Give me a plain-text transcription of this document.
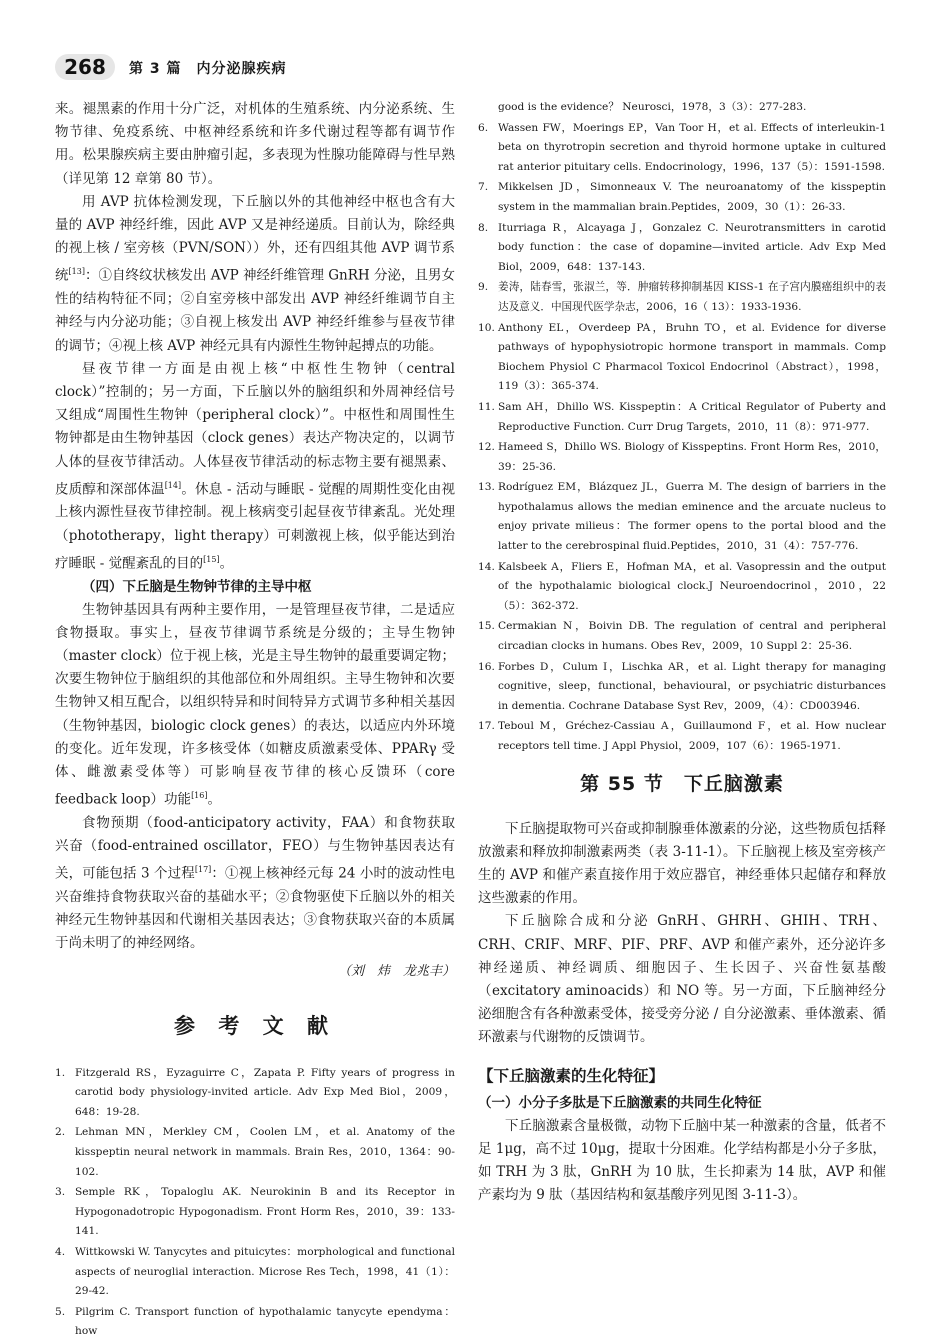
268	第 3 篇　内分泌腺疾病

来。褪黑素的作用十分广泛，对机体的生殖系统、内分泌系统、生物节律、免疫系统、中枢神经系统和许多代谢过程等都有调节作用。松果腺疾病主要由肿瘤引起，多表现为性腺功能障碍与性早熟（详见第 12 章第 80 节）。

用 AVP 抗体检测发现，下丘脑以外的其他神经中枢也含有大量的 AVP 神经纤维，因此 AVP 又是神经递质。目前认为，除经典的视上核 / 室旁核（PVN/SON））外，还有四组其他 AVP 调节系统[13]：①自终纹状核发出 AVP 神经纤维管理 GnRH 分泌，且男女性的结构特征不同；②自室旁核中部发出 AVP 神经纤维调节自主神经与内分泌功能；③自视上核发出 AVP 神经纤维参与昼夜节律的调节；④视上核 AVP 神经元具有内源性生物钟起搏点的功能。

昼夜节律一方面是由视上核“中枢性生物钟（central clock）”控制的；另一方面，下丘脑以外的脑组织和外周神经信号又组成“周围性生物钟（peripheral clock）”。中枢性和周围性生物钟都是由生物钟基因（clock genes）表达产物决定的，以调节人体的昼夜节律活动。人体昼夜节律活动的标志物主要有褪黑素、皮质醇和深部体温[14]。休息 - 活动与睡眠 - 觉醒的周期性变化由视上核内源性昼夜节律控制。视上核病变引起昼夜节律紊乱。光处理（phototherapy，light therapy）可刺激视上核，似乎能达到治疗睡眠 - 觉醒紊乱的目的[15]。

（四）下丘脑是生物钟节律的主导中枢

生物钟基因具有两种主要作用，一是管理昼夜节律，二是适应食物摄取。事实上，昼夜节律调节系统是分级的；主导生物钟（master clock）位于视上核，光是主导生物钟的最重要调定物；次要生物钟位于脑组织的其他部位和外周组织。主导生物钟和次要生物钟又相互配合，以组织特异和时间特异方式调节多种相关基因（生物钟基因，biologic clock genes）的表达，以适应内外环境的变化。近年发现，许多核受体（如糖皮质激素受体、PPARγ 受体、雌激素受体等）可影响昼夜节律的核心反馈环（core feedback loop）功能[16]。

食物预期（food-anticipatory activity，FAA）和食物获取兴奋（food-entrained oscillator，FEO）与生物钟基因表达有关，可能包括 3 个过程[17]：①视上核神经元每 24 小时的波动性电兴奋维持食物获取兴奋的基础水平；②食物驱使下丘脑以外的相关神经元生物钟基因和代谢相关基因表达；③食物获取兴奋的本质属于尚未明了的神经网络。

（刘　炜　龙兆丰）

参 考 文 献
1. Fitzgerald RS，Eyzaguirre C，Zapata P. Fifty years of progress in carotid body physiology-invited article. Adv Exp Med Biol，2009，648：19-28.
2. Lehman MN，Merkley CM，Coolen LM，et al. Anatomy of the kisspeptin neural network in mammals. Brain Res，2010，1364：90-102.
3. Semple RK，Topaloglu AK. Neurokinin B and its Receptor in Hypogonadotropic Hypogonadism. Front Horm Res，2010，39：133-141.
4. Wittkowski W. Tanycytes and pituicytes：morphological and functional aspects of neuroglial interaction. Microse Res Tech，1998，41（1）：29-42.
5. Pilgrim C. Transport function of hypothalamic tanycyte ependyma：how
good is the evidence？ Neurosci，1978，3（3）：277-283.
6. Wassen FW，Moerings EP，Van Toor H，et al. Effects of interleukin-1 beta on thyrotropin secretion and thyroid hormone uptake in cultured rat anterior pituitary cells. Endocrinology，1996，137（5）：1591-1598.
7. Mikkelsen JD，Simonneaux V. The neuroanatomy of the kisspeptin system in the mammalian brain.Peptides，2009，30（1）：26-33.
8. Iturriaga R，Alcayaga J，Gonzalez C. Neurotransmitters in carotid body function：the case of dopamine—invited article. Adv Exp Med Biol，2009，648：137-143.
9. 姜涛，陆春雪，张淑兰，等．肿瘤转移抑制基因 KISS-1 在子宫内膜癌组织中的表达及意义．中国现代医学杂志，2006，16（ 13）：1933-1936.
10. Anthony EL，Overdeep PA，Bruhn TO，et al. Evidence for diverse pathways of hypophysiotropic hormone transport in mammals. Comp Biochem Physiol C Pharmacol Toxicol Endocrinol（Abstract），1998，119（3）：365-374.
11. Sam AH，Dhillo WS. Kisspeptin：A Critical Regulator of Puberty and Reproductive Function. Curr Drug Targets，2010，11（8）：971-977.
12. Hameed S，Dhillo WS. Biology of Kisspeptins. Front Horm Res，2010，39：25-36.
13. Rodríguez EM，Blázquez JL，Guerra M. The design of barriers in the hypothalamus allows the median eminence and the arcuate nucleus to enjoy private milieus：The former opens to the portal blood and the latter to the cerebrospinal fluid.Peptides，2010，31（4）：757-776.
14. Kalsbeek A，Fliers E，Hofman MA，et al. Vasopressin and the output of the hypothalamic biological clock.J Neuroendocrinol，2010，22（5）：362-372.
15. Cermakian N，Boivin DB. The regulation of central and peripheral circadian clocks in humans. Obes Rev，2009，10 Suppl 2：25-36.
16. Forbes D，Culum I，Lischka AR，et al. Light therapy for managing cognitive，sleep，functional，behavioural，or psychiatric disturbances in dementia. Cochrane Database Syst Rev，2009，（4）：CD003946.
17. Teboul M，Gréchez-Cassiau A，Guillaumond F，et al. How nuclear receptors tell time. J Appl Physiol，2009，107（6）：1965-1971.
第 55 节　下丘脑激素

下丘脑提取物可兴奋或抑制腺垂体激素的分泌，这些物质包括释放激素和释放抑制激素两类（表 3-11-1）。下丘脑视上核及室旁核产生的 AVP 和催产素直接作用于效应器官，神经垂体只起储存和释放这些激素的作用。

下丘脑除合成和分泌 GnRH、GHRH、GHIH、TRH、CRH、CRIF、MRF、PIF、PRF、AVP 和催产素外，还分泌许多神经递质、神经调质、细胞因子、生长因子、兴奋性氨基酸（excitatory aminoacids）和 NO 等。另一方面，下丘脑神经分泌细胞含有各种激素受体，接受旁分泌 / 自分泌激素、垂体激素、循环激素与代谢物的反馈调节。

【下丘脑激素的生化特征】

（一）小分子多肽是下丘脑激素的共同生化特征

下丘脑激素含量极微，动物下丘脑中某一种激素的含量，低者不足 1μg，高不过 10μg，提取十分困难。化学结构都是小分子多肽，如 TRH 为 3 肽，GnRH 为 10 肽，生长抑素为 14 肽，AVP 和催产素均为 9 肽（基因结构和氨基酸序列见图 3-11-3）。
